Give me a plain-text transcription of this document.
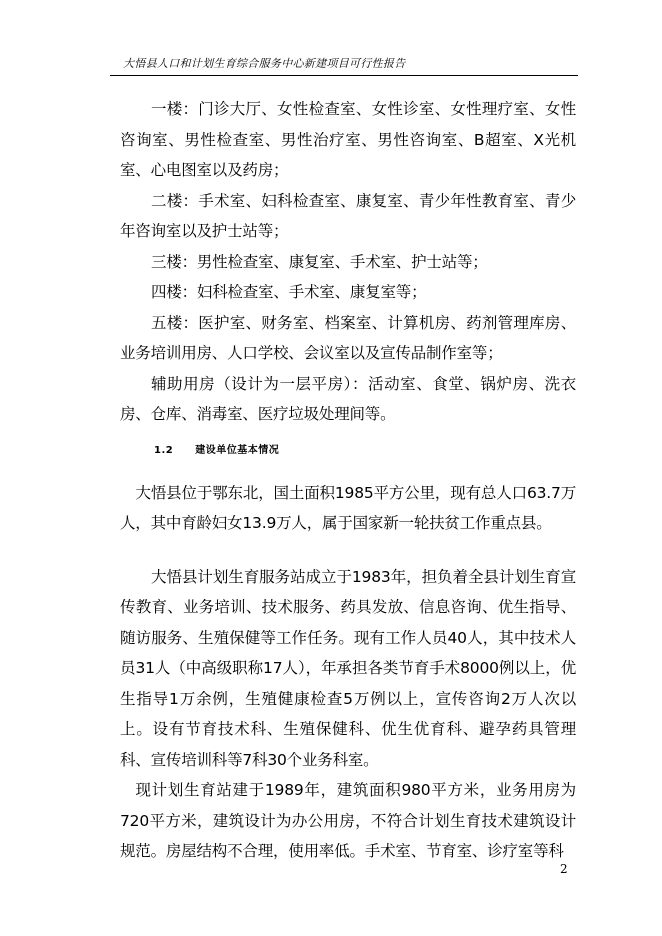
大悟县人口和计划生育综合服务中心新建项目可行性报告

一楼：门诊大厅、女性检查室、女性诊室、女性理疗室、女性咨询室、男性检查室、男性治疗室、男性咨询室、B超室、X光机室、心电图室以及药房；

二楼：手术室、妇科检查室、康复室、青少年性教育室、青少年咨询室以及护士站等；

三楼：男性检查室、康复室、手术室、护士站等；

四楼：妇科检查室、手术室、康复室等；

五楼：医护室、财务室、档案室、计算机房、药剂管理库房、业务培训用房、人口学校、会议室以及宣传品制作室等；

辅助用房（设计为一层平房）：活动室、食堂、锅炉房、洗衣房、仓库、消毒室、医疗垃圾处理间等。

1.2 建设单位基本情况

大悟县位于鄂东北，国土面积1985平方公里，现有总人口63.7万人，其中育龄妇女13.9万人，属于国家新一轮扶贫工作重点县。

大悟县计划生育服务站成立于1983年，担负着全县计划生育宣传教育、业务培训、技术服务、药具发放、信息咨询、优生指导、随访服务、生殖保健等工作任务。现有工作人员40人，其中技术人员31人（中高级职称17人），年承担各类节育手术8000例以上，优生指导1万余例，生殖健康检查5万例以上，宣传咨询2万人次以上。设有节育技术科、生殖保健科、优生优育科、避孕药具管理科、宣传培训科等7科30个业务科室。

现计划生育站建于1989年，建筑面积980平方米，业务用房为720平方米，建筑设计为办公用房，不符合计划生育技术建筑设计规范。房屋结构不合理，使用率低。手术室、节育室、诊疗室等科

2
